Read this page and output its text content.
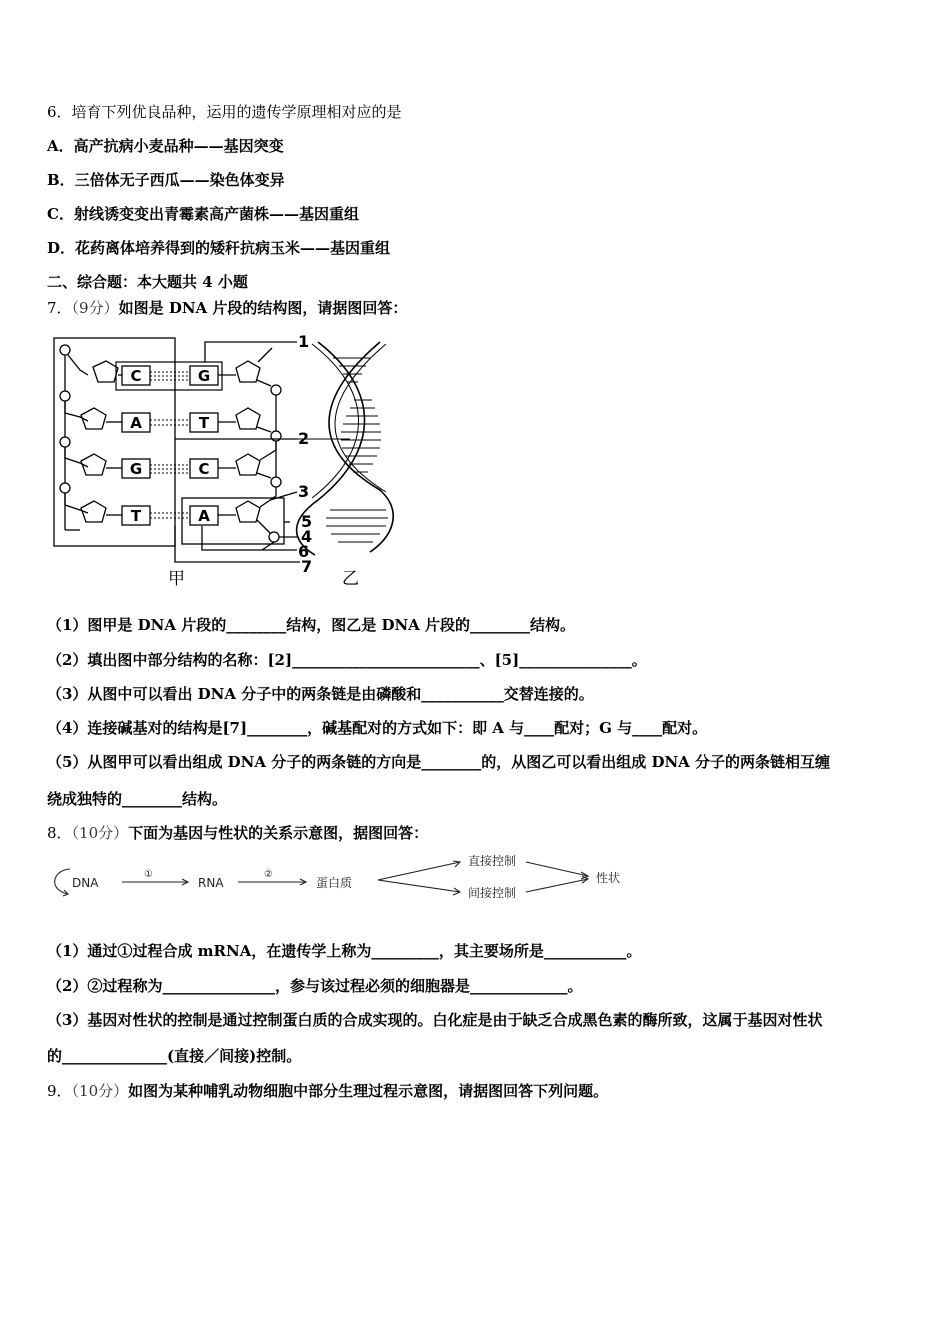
6．培育下列优良品种，运用的遗传学原理相对应的是
A．高产抗病小麦品种——基因突变
B．三倍体无子西瓜——染色体变异
C．射线诱变变出青霉素高产菌株——基因重组
D．花药离体培养得到的矮秆抗病玉米——基因重组
二、综合题：本大题共 4 小题
7．（9分）如图是 DNA 片段的结构图，请据图回答：
C
A
G
T
G
T
C
A
1
2
3
4
5
6
7
甲	乙
（1）图甲是 DNA 片段的________结构，图乙是 DNA 片段的________结构。
（2）填出图中部分结构的名称：[2]_________________________、[5]_______________。
（3）从图中可以看出 DNA 分子中的两条链是由磷酸和___________交替连接的。
（4）连接碱基对的结构是[7]________，碱基配对的方式如下：即 A 与____配对；G 与____配对。
（5）从图甲可以看出组成 DNA 分子的两条链的方向是________的，从图乙可以看出组成 DNA 分子的两条链相互缠
绕成独特的________结构。
8．（10分）下面为基因与性状的关系示意图，据图回答：
DNA
①
RNA
②
蛋白质
直接控制
间接控制
性状
（1）通过①过程合成 mRNA，在遗传学上称为_________，其主要场所是___________。
（2）②过程称为_______________，参与该过程必须的细胞器是_____________。
（3）基因对性状的控制是通过控制蛋白质的合成实现的。白化症是由于缺乏合成黑色素的酶所致，这属于基因对性状
的______________(直接／间接)控制。
9．（10分）如图为某种哺乳动物细胞中部分生理过程示意图，请据图回答下列问题。
